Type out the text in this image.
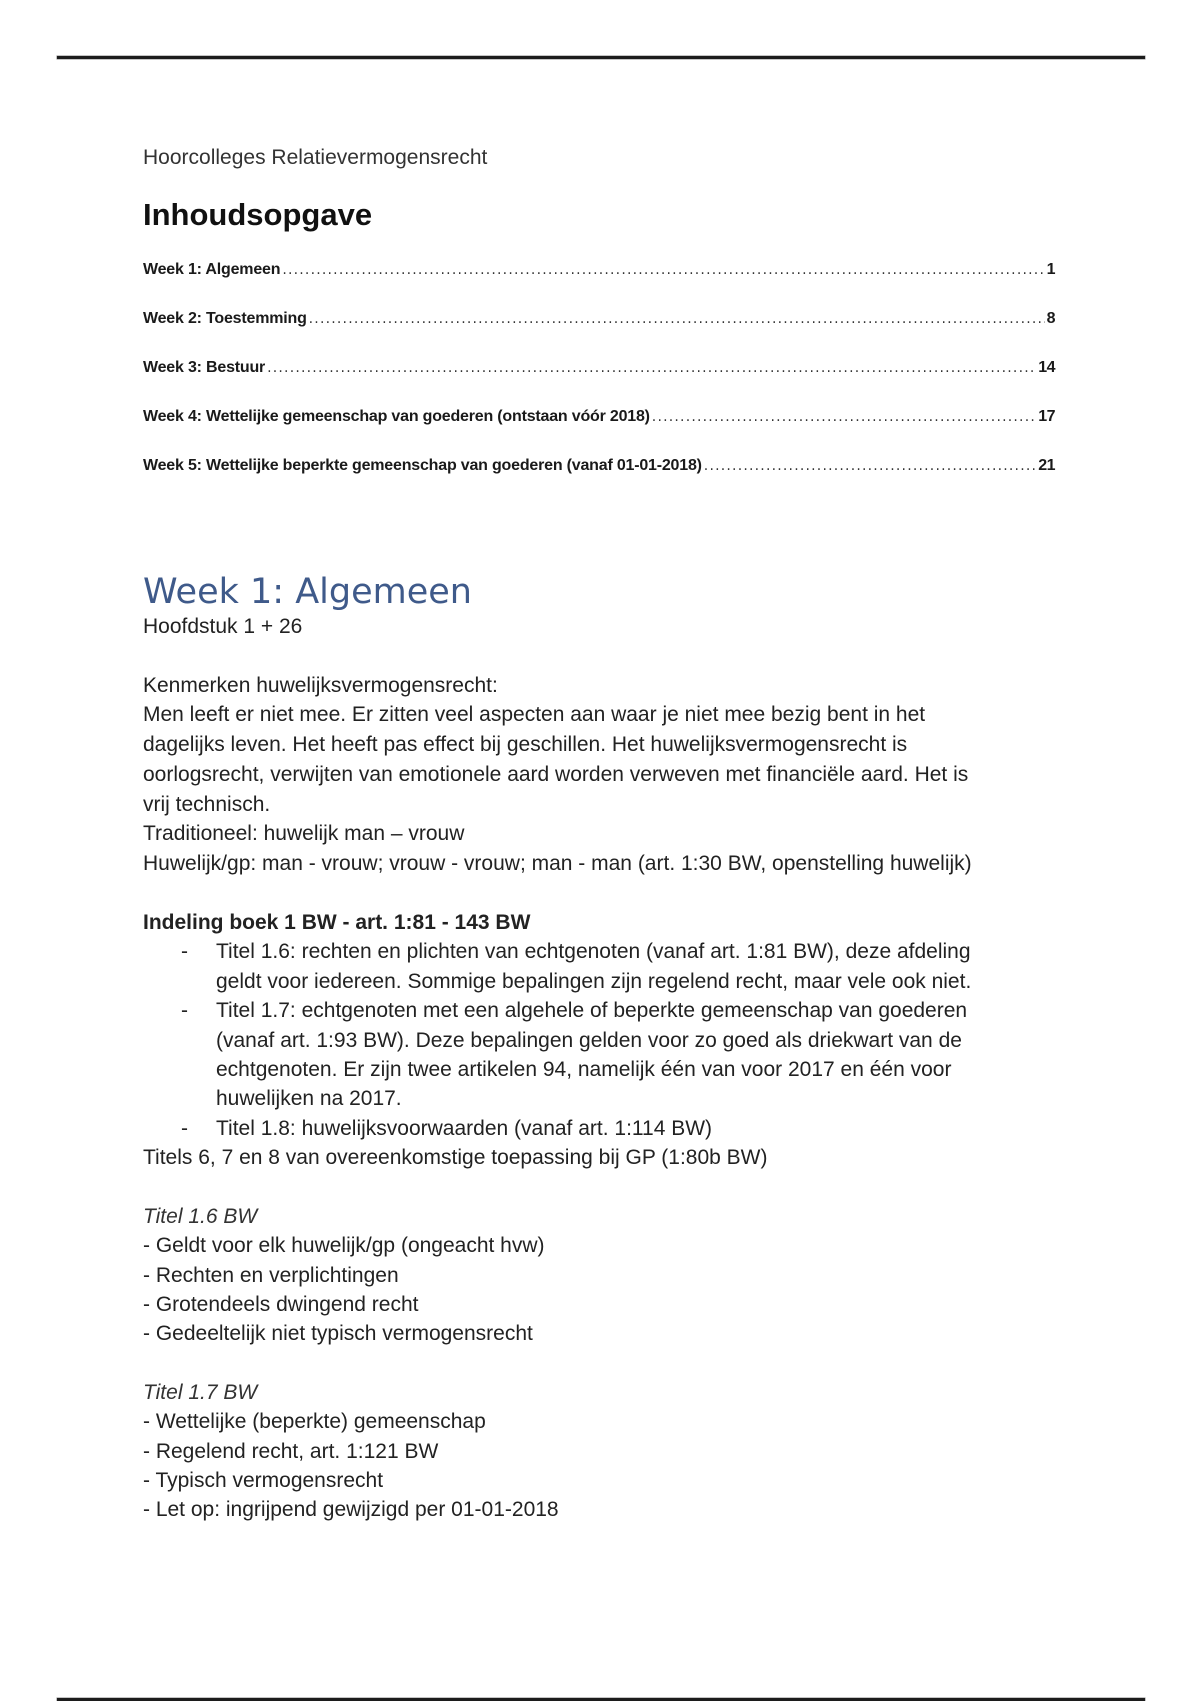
Hoorcolleges Relatievermogensrecht
Inhoudsopgave
Week 1: Algemeen .....	1
Week 2: Toestemming .....	8
Week 3: Bestuur .....	14
Week 4: Wettelijke gemeenschap van goederen (ontstaan vóór 2018) .....	17
Week 5: Wettelijke beperkte gemeenschap van goederen (vanaf 01-01-2018) .....	21
Week 1: Algemeen
Hoofdstuk 1 + 26
Kenmerken huwelijksvermogensrecht:
Men leeft er niet mee. Er zitten veel aspecten aan waar je niet mee bezig bent in het
dagelijks leven. Het heeft pas effect bij geschillen. Het huwelijksvermogensrecht is
oorlogsrecht, verwijten van emotionele aard worden verweven met financiële aard. Het is
vrij technisch.
Traditioneel: huwelijk man – vrouw
Huwelijk/gp: man - vrouw; vrouw - vrouw; man - man (art. 1:30 BW, openstelling huwelijk)
Indeling boek 1 BW - art. 1:81 - 143 BW
- Titel 1.6: rechten en plichten van echtgenoten (vanaf art. 1:81 BW), deze afdeling
geldt voor iedereen. Sommige bepalingen zijn regelend recht, maar vele ook niet.
- Titel 1.7: echtgenoten met een algehele of beperkte gemeenschap van goederen
(vanaf art. 1:93 BW). Deze bepalingen gelden voor zo goed als driekwart van de
echtgenoten. Er zijn twee artikelen 94, namelijk één van voor 2017 en één voor
huwelijken na 2017.
- Titel 1.8: huwelijksvoorwaarden (vanaf art. 1:114 BW)
Titels 6, 7 en 8 van overeenkomstige toepassing bij GP (1:80b BW)
Titel 1.6 BW
- Geldt voor elk huwelijk/gp (ongeacht hvw)
- Rechten en verplichtingen
- Grotendeels dwingend recht
- Gedeeltelijk niet typisch vermogensrecht
Titel 1.7 BW
- Wettelijke (beperkte) gemeenschap
- Regelend recht, art. 1:121 BW
- Typisch vermogensrecht
- Let op: ingrijpend gewijzigd per 01-01-2018
